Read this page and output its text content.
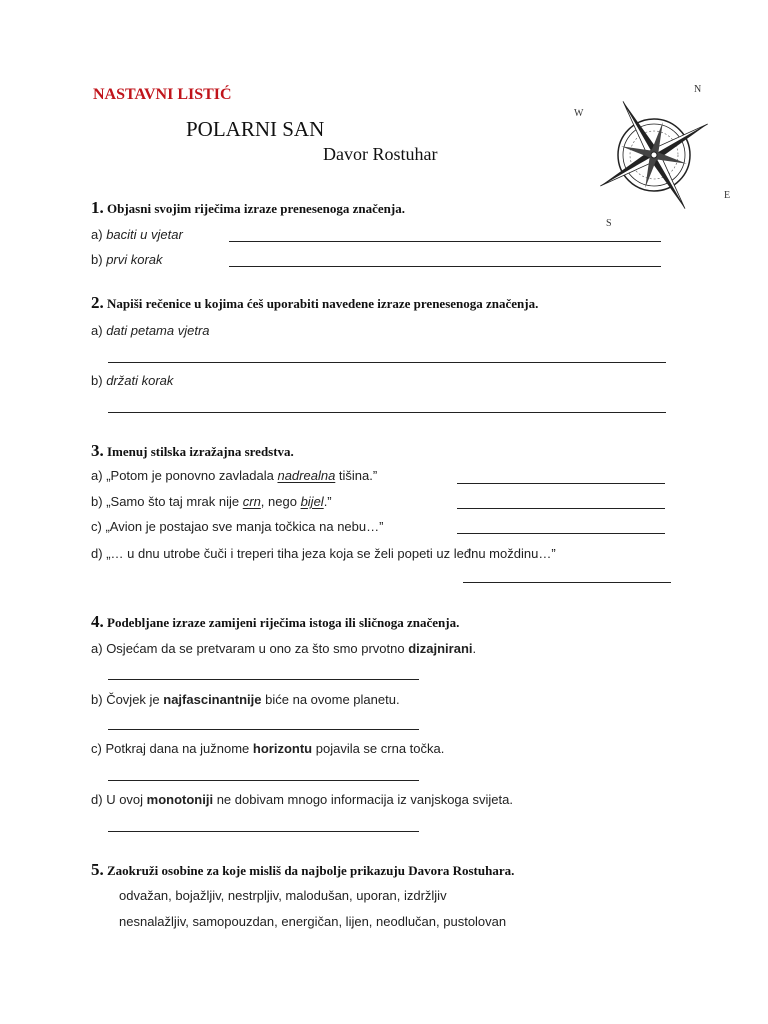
NASTAVNI LISTIĆ
POLARNI SAN
Davor Rostuhar
N
W
E
S
1. Objasni svojim riječima izraze prenesenoga značenja.
a) baciti u vjetar
b) prvi korak
2. Napiši rečenice u kojima ćeš uporabiti navedene izraze prenesenoga značenja.
a) dati petama vjetra
b) držati korak
3. Imenuj stilska izražajna sredstva.
a) „Potom je ponovno zavladala nadrealna tišina.”
b) „Samo što taj mrak nije crn, nego bijel.”
c) „Avion je postajao sve manja točkica na nebu…”
d) „… u dnu utrobe čuči i treperi tiha jeza koja se želi popeti uz leđnu moždinu…”
4. Podebljane izraze zamijeni riječima istoga ili sličnoga značenja.
a) Osjećam da se pretvaram u ono za što smo prvotno dizajnirani.
b) Čovjek je najfascinantnije biće na ovome planetu.
c) Potkraj dana na južnome horizontu pojavila se crna točka.
d) U ovoj monotoniji ne dobivam mnogo informacija iz vanjskoga svijeta.
5. Zaokruži osobine za koje misliš da najbolje prikazuju Davora Rostuhara.
odvažan, bojažljiv, nestrpljiv, malodušan, uporan, izdržljiv
nesnalažljiv, samopouzdan, energičan, lijen, neodlučan, pustolovan
